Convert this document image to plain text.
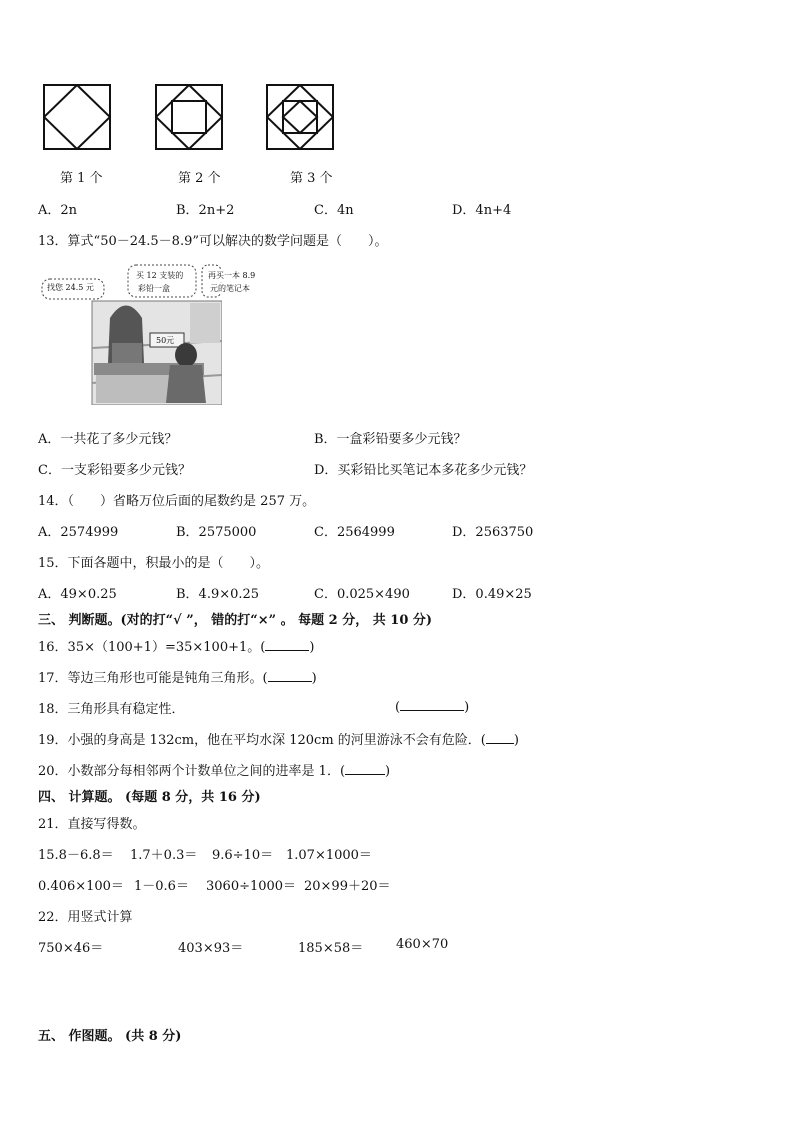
第 1 个	第 2 个	第 3 个
A．2n	B．2n+2	C．4n	D．4n+4
13．算式“50－24.5－8.9”可以解决的数学问题是（　　）。
找您 24.5 元
买 12 支装的
彩铅一盒
再买一本 8.9
元的笔记本
50元
A．一共花了多少元钱？	B．一盒彩铅要多少元钱？
C．一支彩铅要多少元钱？	D．买彩铅比买笔记本多花多少元钱？
14．（　　）省略万位后面的尾数约是 257 万。
A．2574999	B．2575000	C．2564999	D．2563750
15．下面各题中，积最小的是（　　）。
A．49×0.25	B．4.9×0.25	C．0.025×490	D．0.49×25
三、 判断题。(对的打“√ ”， 错的打“×” 。 每题 2 分， 共 10 分)
16．35×（100+1）=35×100+1。(	)
17．等边三角形也可能是钝角三角形。(	)
18．三角形具有稳定性．	(	)
19．小强的身高是 132cm，他在平均水深 120cm 的河里游泳不会有危险．( )
20．小数部分每相邻两个计数单位之间的进率是 1．(	)
四、 计算题。 (每题 8 分，共 16 分)
21．直接写得数。
15.8－6.8＝ 1.7＋0.3＝ 9.6÷10＝ 1.07×1000＝
0.406×100＝ 1－0.6＝ 3060÷1000＝ 20×99＋20＝
22．用竖式计算
750×46＝	403×93＝	185×58＝	460×70
五、 作图题。 (共 8 分)
